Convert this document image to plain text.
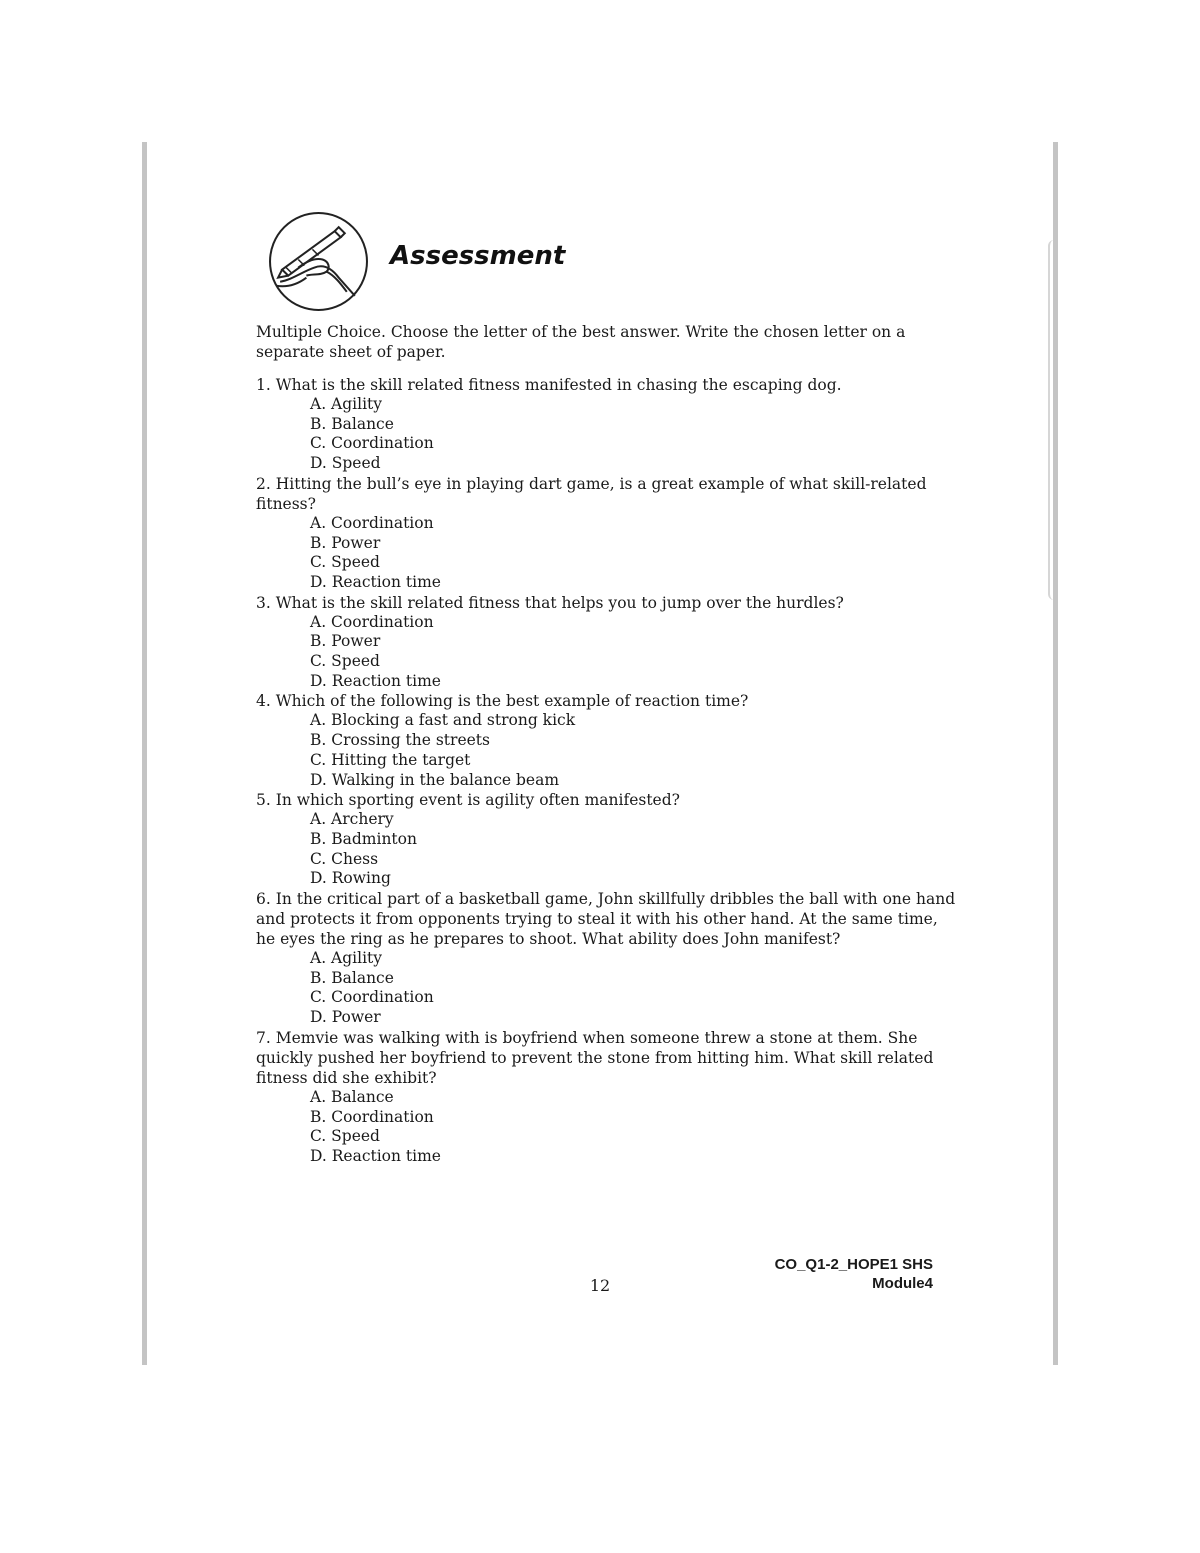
Assessment

Multiple Choice. Choose the letter of the best answer. Write the chosen letter on a separate sheet of paper.

1. What is the skill related fitness manifested in chasing the escaping dog.

A. Agility
B. Balance
C. Coordination
D. Speed

2. Hitting the bull’s eye in playing dart game, is a great example of what skill-related fitness?

A. Coordination
B. Power
C. Speed
D. Reaction time

3. What is the skill related fitness that helps you to jump over the hurdles?

A. Coordination
B. Power
C. Speed
D. Reaction time

4. Which of the following is the best example of reaction time?

A. Blocking a fast and strong kick
B. Crossing the streets
C. Hitting the target
D. Walking in the balance beam

5. In which sporting event is agility often manifested?

A. Archery
B. Badminton
C. Chess
D. Rowing

6. In the critical part of a basketball game, John skillfully dribbles the ball with one hand and protects it from opponents trying to steal it with his other hand. At the same time, he eyes the ring as he prepares to shoot. What ability does John manifest?

A. Agility
B. Balance
C. Coordination
D. Power

7. Memvie was walking with is boyfriend when someone threw a stone at them. She quickly pushed her boyfriend to prevent the stone from hitting him. What skill related fitness did she exhibit?

A. Balance
B. Coordination
C. Speed
D. Reaction time
12
CO_Q1-2_HOPE1 SHS
Module4
